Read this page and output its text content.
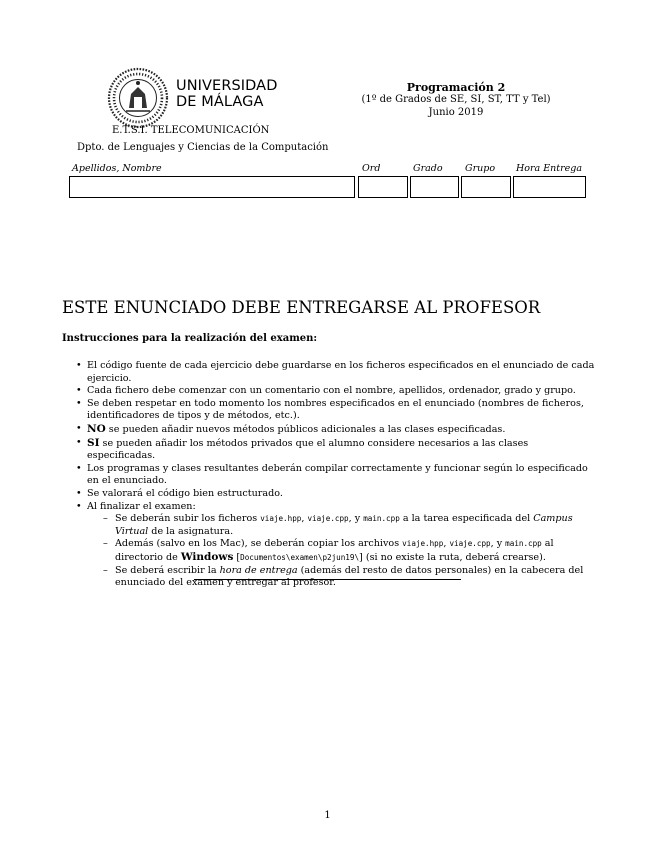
UNIVERSIDAD
DE MÁLAGA
E.T.S.I. TELECOMUNICACIÓN
Dpto. de Lenguajes y Ciencias de la Computación
Programación 2
(1º de Grados de SE, SI, ST, TT y Tel)
Junio 2019
Apellidos, Nombre	Ord	Grado Grupo Hora Entrega
ESTE ENUNCIADO DEBE ENTREGARSE AL PROFESOR
Instrucciones para la realización del examen:
• El código fuente de cada ejercicio debe guardarse en los ficheros especificados en el enunciado de cada ejercicio.
• Cada fichero debe comenzar con un comentario con el nombre, apellidos, ordenador, grado y grupo.
• Se deben respetar en todo momento los nombres especificados en el enunciado (nombres de ficheros, identificadores de tipos y de métodos, etc.).
• NO se pueden añadir nuevos métodos públicos adicionales a las clases especificadas.
• SI se pueden añadir los métodos privados que el alumno considere necesarios a las clases especificadas.
• Los programas y clases resultantes deberán compilar correctamente y funcionar según lo especificado en el enunciado.
• Se valorará el código bien estructurado.
• Al finalizar el examen:
– Se deberán subir los ficheros viaje.hpp, viaje.cpp, y main.cpp a la tarea especificada del Campus Virtual de la asignatura.
– Además (salvo en los Mac), se deberán copiar los archivos viaje.hpp, viaje.cpp, y main.cpp al directorio de Windows [Documentos\examen\p2jun19\] (si no existe la ruta, deberá crearse).
– Se deberá escribir la hora de entrega (además del resto de datos personales) en la cabecera del enunciado del examen y entregar al profesor.
1
